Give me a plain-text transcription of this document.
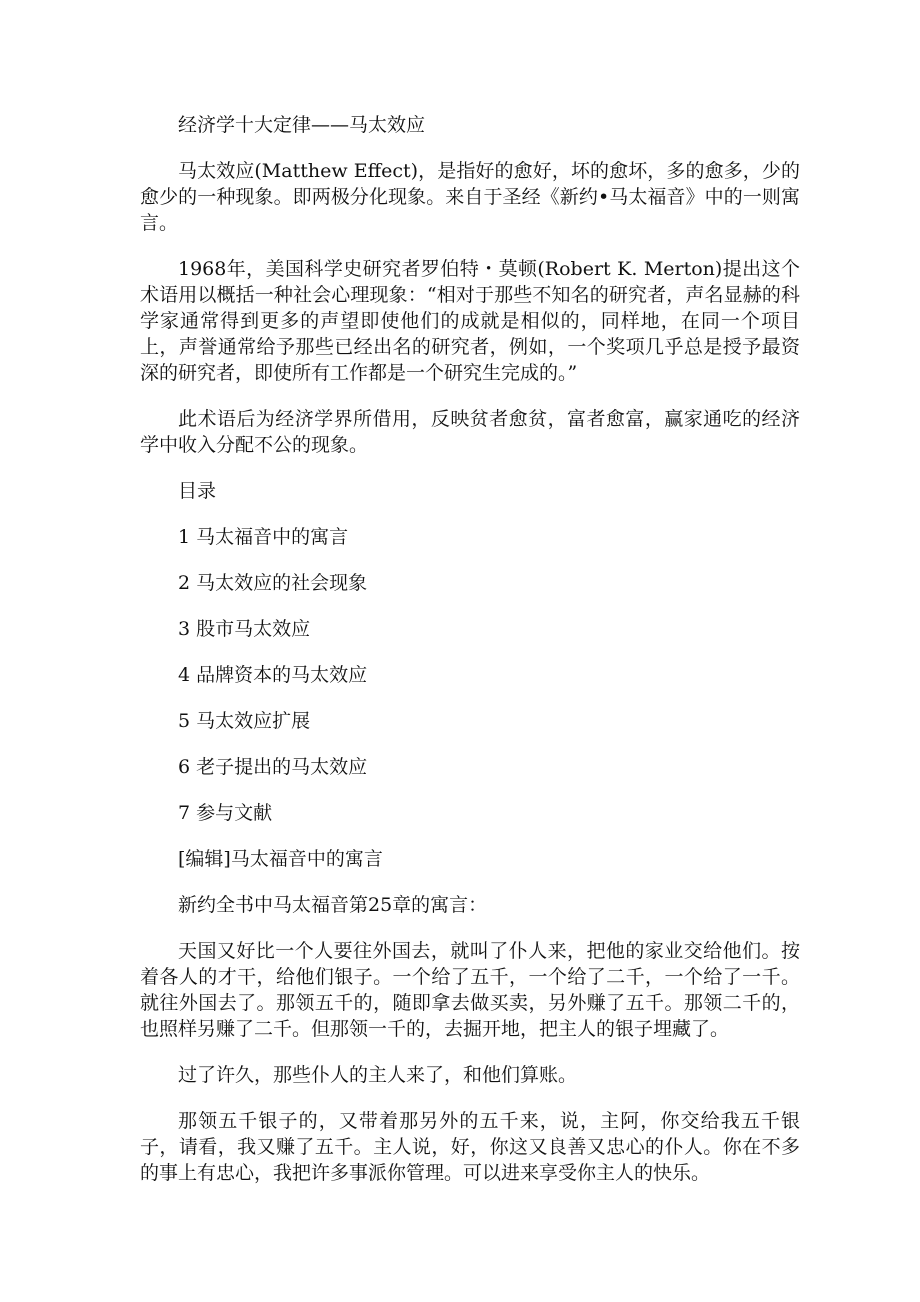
经济学十大定律——马太效应

马太效应(Matthew Effect)，是指好的愈好，坏的愈坏，多的愈多，少的愈少的一种现象。即两极分化现象。来自于圣经《新约•马太福音》中的一则寓言。

1968年，美国科学史研究者罗伯特・莫顿(Robert K. Merton)提出这个术语用以概括一种社会心理现象：“相对于那些不知名的研究者，声名显赫的科学家通常得到更多的声望即使他们的成就是相似的，同样地，在同一个项目上，声誉通常给予那些已经出名的研究者，例如，一个奖项几乎总是授予最资深的研究者，即使所有工作都是一个研究生完成的。”

此术语后为经济学界所借用，反映贫者愈贫，富者愈富，赢家通吃的经济学中收入分配不公的现象。

目录

1 马太福音中的寓言

2 马太效应的社会现象

3 股市马太效应

4 品牌资本的马太效应

5 马太效应扩展

6 老子提出的马太效应

7 参与文献

[编辑]马太福音中的寓言

新约全书中马太福音第25章的寓言：

天国又好比一个人要往外国去，就叫了仆人来，把他的家业交给他们。按着各人的才干，给他们银子。一个给了五千，一个给了二千，一个给了一千。就往外国去了。那领五千的，随即拿去做买卖，另外赚了五千。那领二千的，也照样另赚了二千。但那领一千的，去掘开地，把主人的银子埋藏了。

过了许久，那些仆人的主人来了，和他们算账。

那领五千银子的，又带着那另外的五千来，说，主阿，你交给我五千银子，请看，我又赚了五千。主人说，好，你这又良善又忠心的仆人。你在不多的事上有忠心，我把许多事派你管理。可以进来享受你主人的快乐。
